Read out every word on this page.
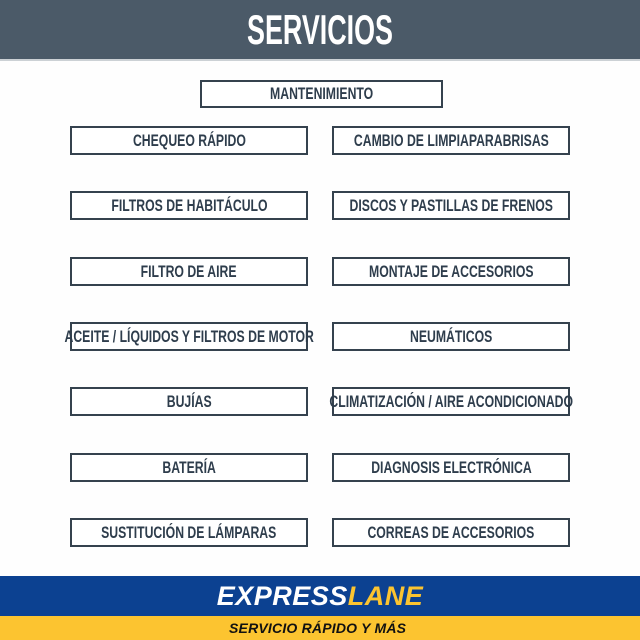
SERVICIOS
MANTENIMIENTO
CHEQUEO RÁPIDO	CAMBIO DE LIMPIAPARABRISAS
FILTROS DE HABITÁCULO	DISCOS Y PASTILLAS DE FRENOS
FILTRO DE AIRE	MONTAJE DE ACCESORIOS
ACEITE / LÍQUIDOS Y FILTROS DE MOTOR	NEUMÁTICOS
BUJÍAS	CLIMATIZACIÓN / AIRE ACONDICIONADO
BATERÍA	DIAGNOSIS ELECTRÓNICA
SUSTITUCIÓN DE LÁMPARAS	CORREAS DE ACCESORIOS
EXPRESSLANE
SERVICIO RÁPIDO Y MÁS
